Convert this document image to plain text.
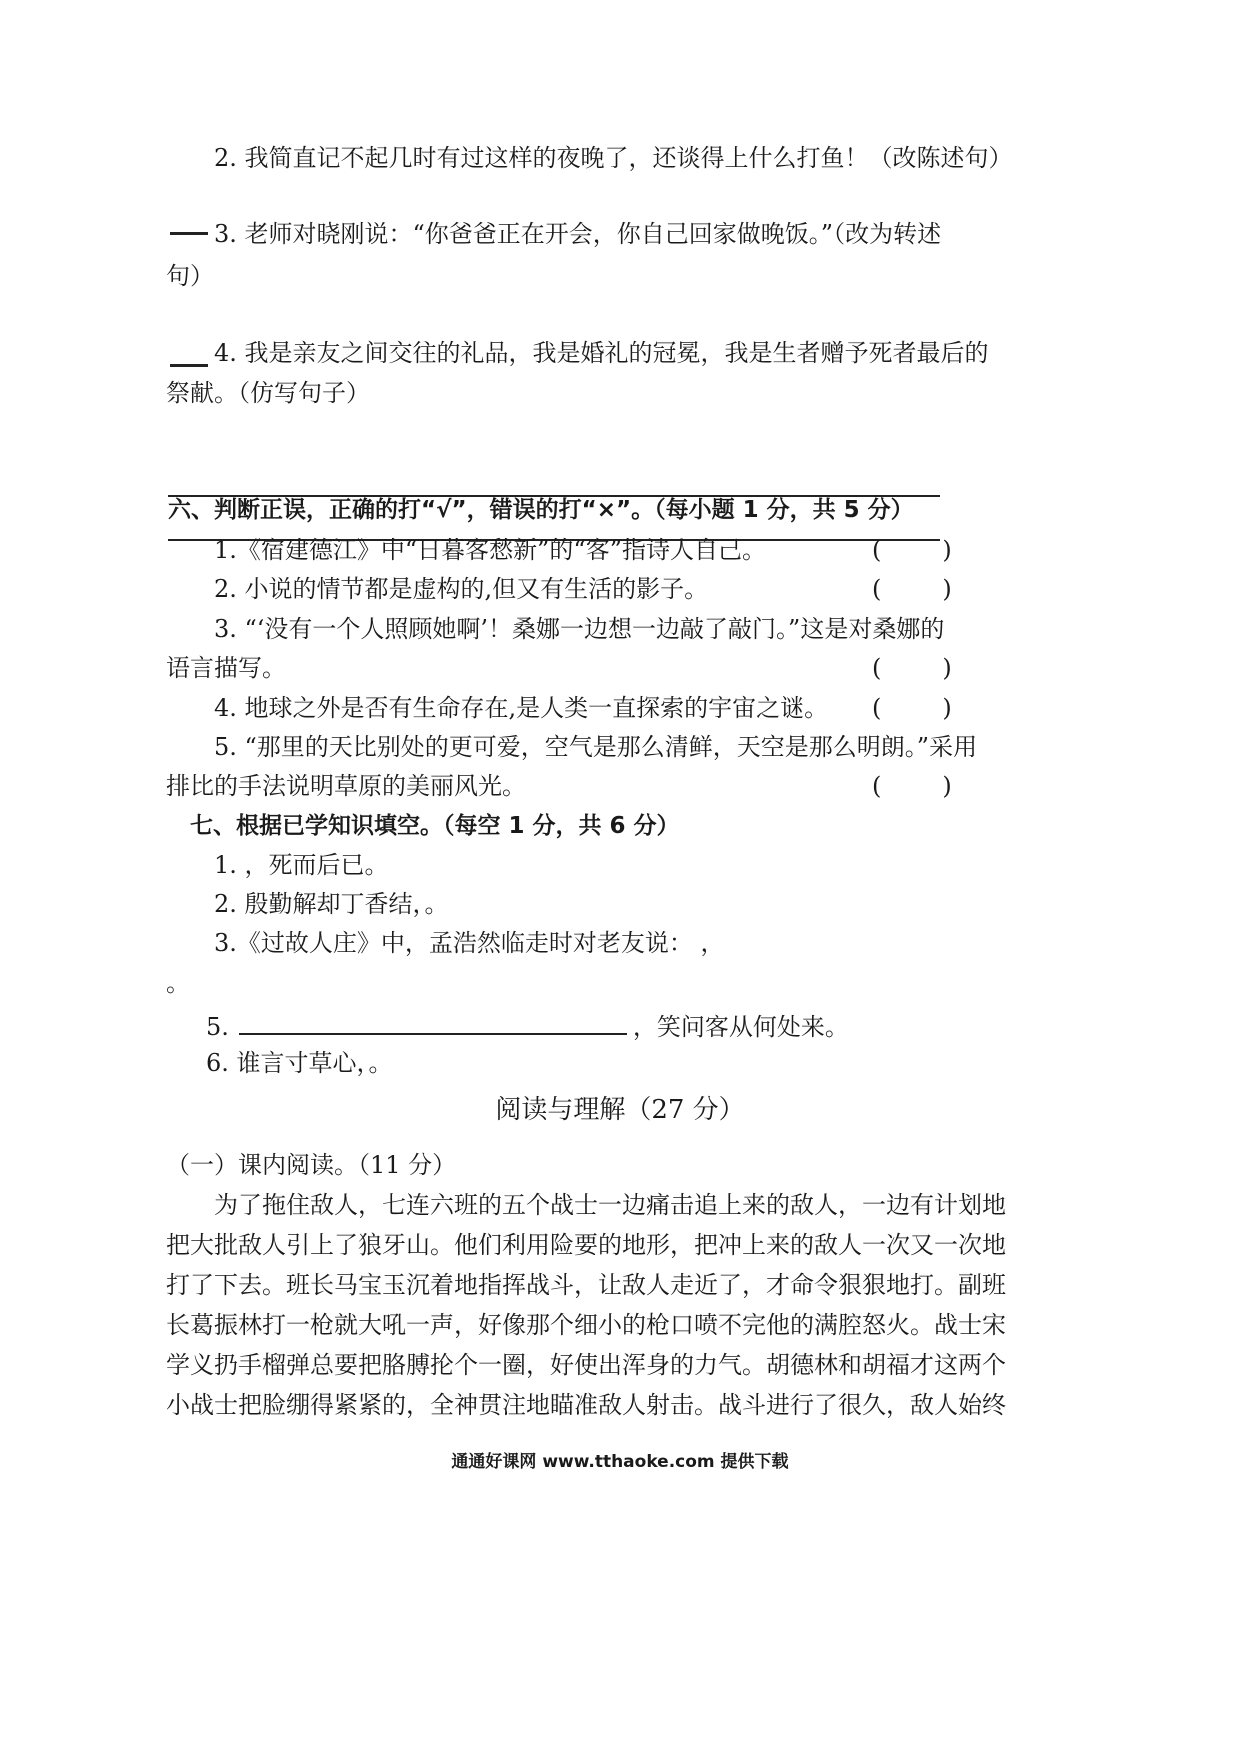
2. 我简直记不起几时有过这样的夜晚了，还谈得上什么打鱼！（改陈述句）
3. 老师对晓刚说：“你爸爸正在开会，你自己回家做晚饭。”（改为转述
句）
4. 我是亲友之间交往的礼品，我是婚礼的冠冕，我是生者赠予死者最后的
祭献。（仿写句子）
六、判断正误，正确的打“√”，错误的打“×”。（每小题 1 分，共 5 分）
1.《宿建德江》中“日暮客愁新”的“客”指诗人自己。	(        )
2. 小说的情节都是虚构的,但又有生活的影子。	(        )
3. “‘没有一个人照顾她啊’！桑娜一边想一边敲了敲门。”这是对桑娜的
语言描写。	(        )
4. 地球之外是否有生命存在,是人类一直探索的宇宙之谜。 (        )
5. “那里的天比别处的更可爱，空气是那么清鲜，天空是那么明朗。”采用
排比的手法说明草原的美丽风光。	(        )
七、根据已学知识填空。（每空 1 分，共 6 分）
1. ，死而后已。
2. 殷勤解却丁香结，。
3.《过故人庄》中，孟浩然临走时对老友说： ，
。
5.	，笑问客从何处来。
6. 谁言寸草心，。
阅读与理解（27 分）
（一）课内阅读。（11 分）
为了拖住敌人，七连六班的五个战士一边痛击追上来的敌人，一边有计划地
把大批敌人引上了狼牙山。他们利用险要的地形，把冲上来的敌人一次又一次地
打了下去。班长马宝玉沉着地指挥战斗，让敌人走近了，才命令狠狠地打。副班
长葛振林打一枪就大吼一声，好像那个细小的枪口喷不完他的满腔怒火。战士宋
学义扔手榴弹总要把胳膊抡个一圈，好使出浑身的力气。胡德林和胡福才这两个
小战士把脸绷得紧紧的，全神贯注地瞄准敌人射击。战斗进行了很久，敌人始终
通通好课网 www.tthaoke.com 提供下载
